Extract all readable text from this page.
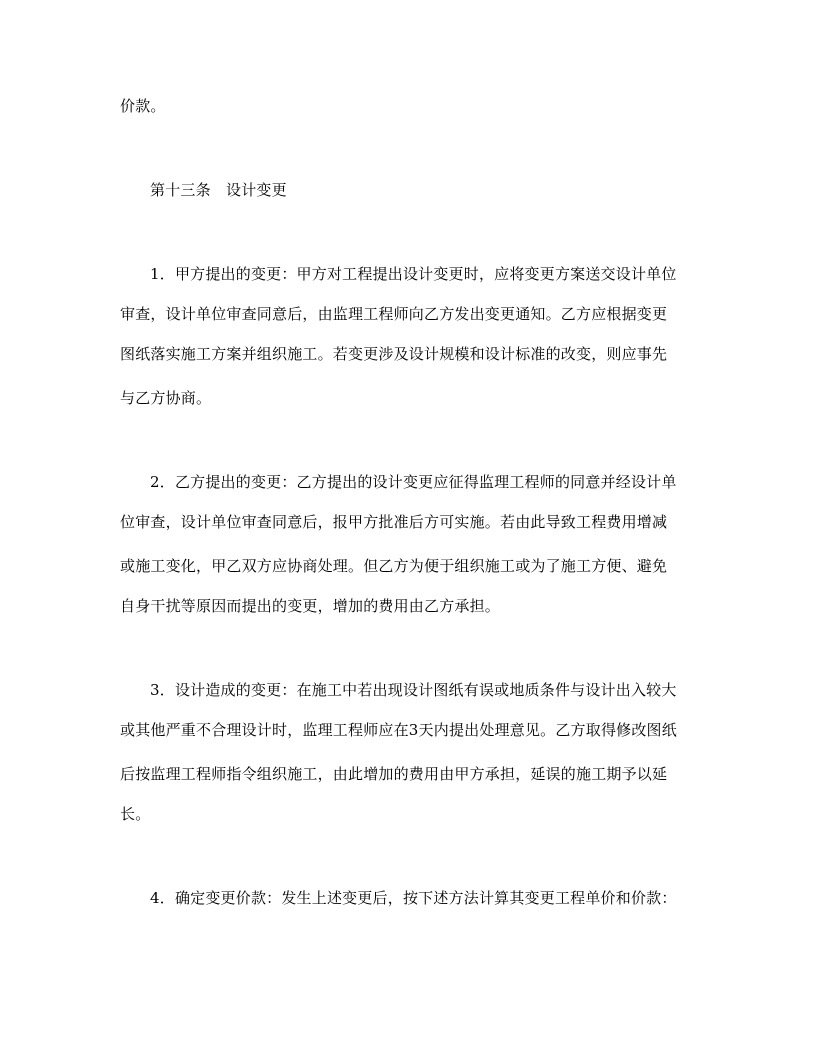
价款。
第十三条　设计变更
1．甲方提出的变更：甲方对工程提出设计变更时，应将变更方案送交设计单位
审查，设计单位审查同意后，由监理工程师向乙方发出变更通知。乙方应根据变更
图纸落实施工方案并组织施工。若变更涉及设计规模和设计标准的改变，则应事先
与乙方协商。
2．乙方提出的变更：乙方提出的设计变更应征得监理工程师的同意并经设计单
位审查，设计单位审查同意后，报甲方批准后方可实施。若由此导致工程费用增减
或施工变化，甲乙双方应协商处理。但乙方为便于组织施工或为了施工方便、避免
自身干扰等原因而提出的变更，增加的费用由乙方承担。
3．设计造成的变更：在施工中若出现设计图纸有误或地质条件与设计出入较大
或其他严重不合理设计时，监理工程师应在3天内提出处理意见。乙方取得修改图纸
后按监理工程师指令组织施工，由此增加的费用由甲方承担，延误的施工期予以延
长。
4．确定变更价款：发生上述变更后，按下述方法计算其变更工程单价和价款：
